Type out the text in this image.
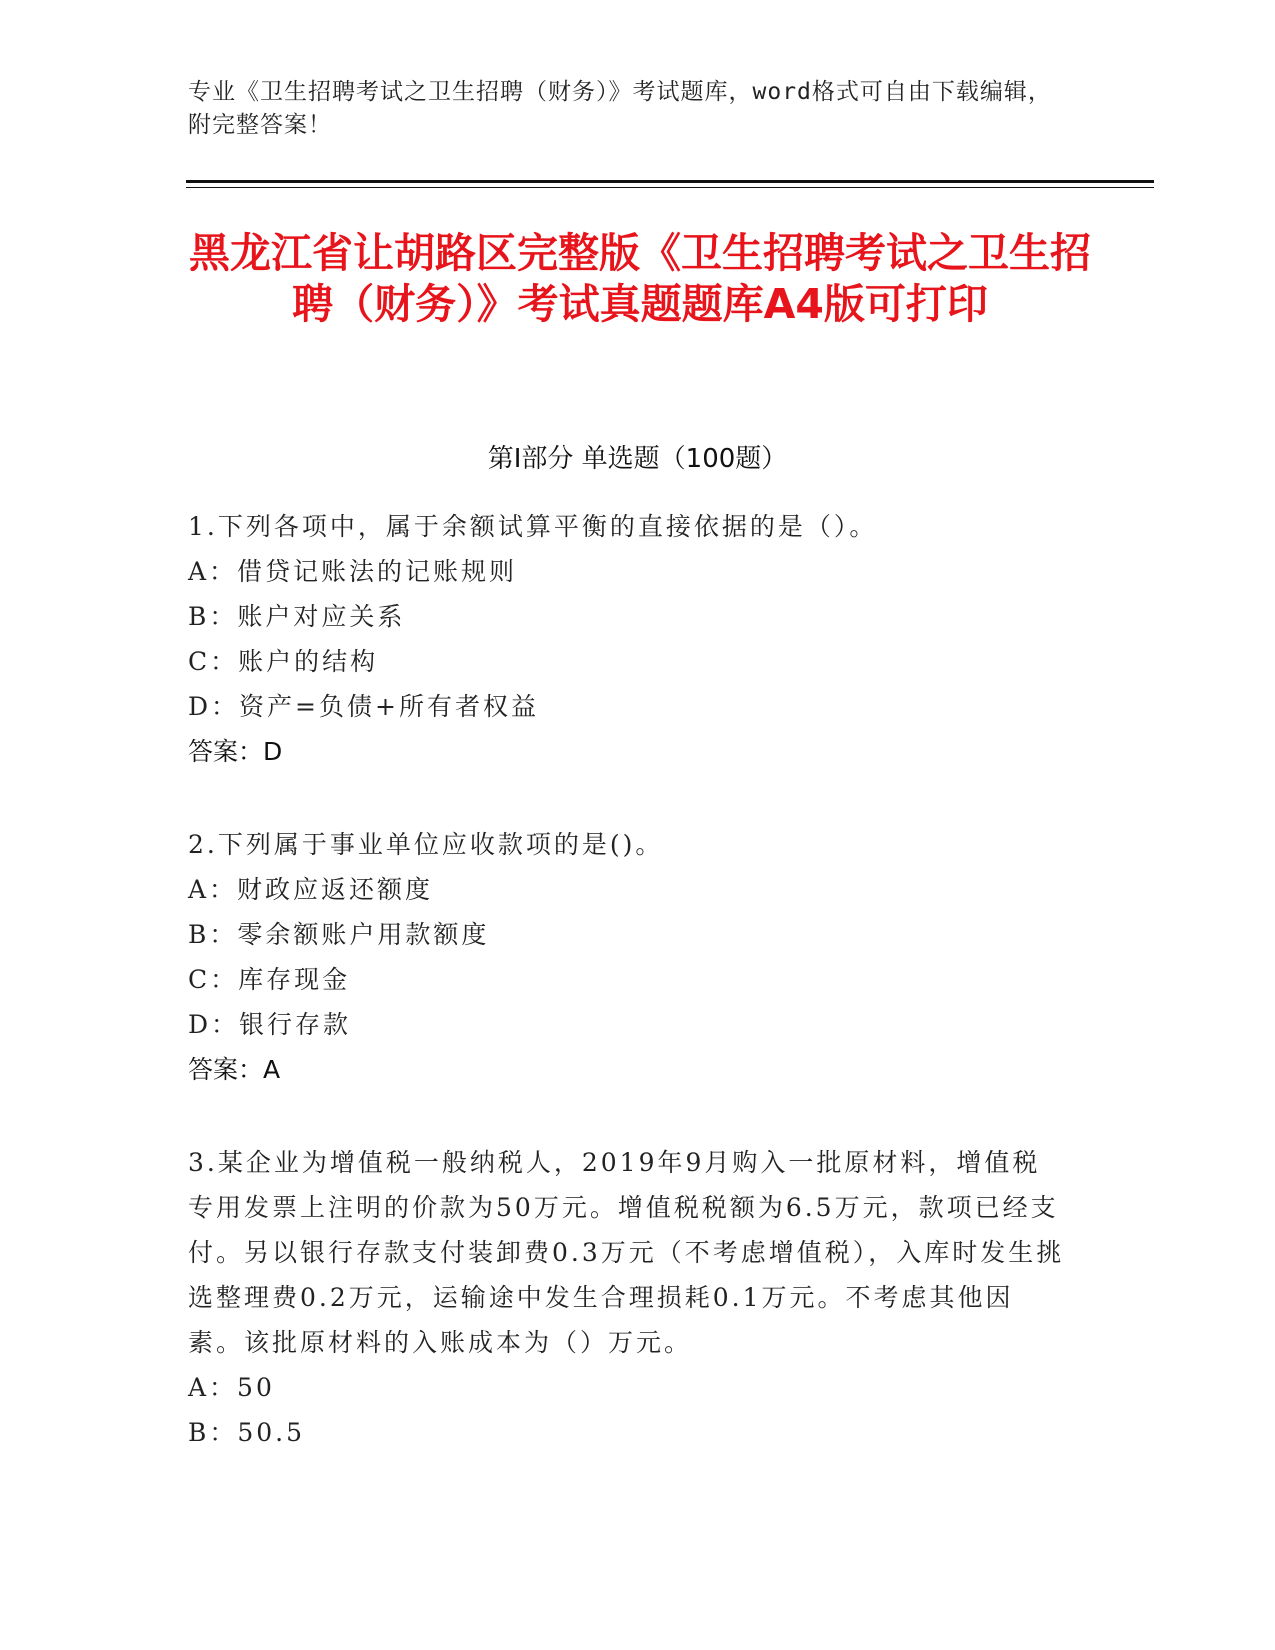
专业《卫生招聘考试之卫生招聘（财务）》考试题库，word格式可自由下载编辑，附完整答案！
黑龙江省让胡路区完整版《卫生招聘考试之卫生招聘（财务）》考试真题题库A4版可打印
第Ⅰ部分 单选题（100题）
1.下列各项中，属于余额试算平衡的直接依据的是（）。
A：借贷记账法的记账规则
B：账户对应关系
C：账户的结构
D：资产=负债+所有者权益
答案：D
2.下列属于事业单位应收款项的是()。
A：财政应返还额度
B：零余额账户用款额度
C：库存现金
D：银行存款
答案：A
3.某企业为增值税一般纳税人，2019年9月购入一批原材料，增值税专用发票上注明的价款为50万元。增值税税额为6.5万元，款项已经支付。另以银行存款支付装卸费0.3万元（不考虑增值税），入库时发生挑选整理费0.2万元，运输途中发生合理损耗0.1万元。不考虑其他因素。该批原材料的入账成本为（）万元。
A：50
B：50.5
